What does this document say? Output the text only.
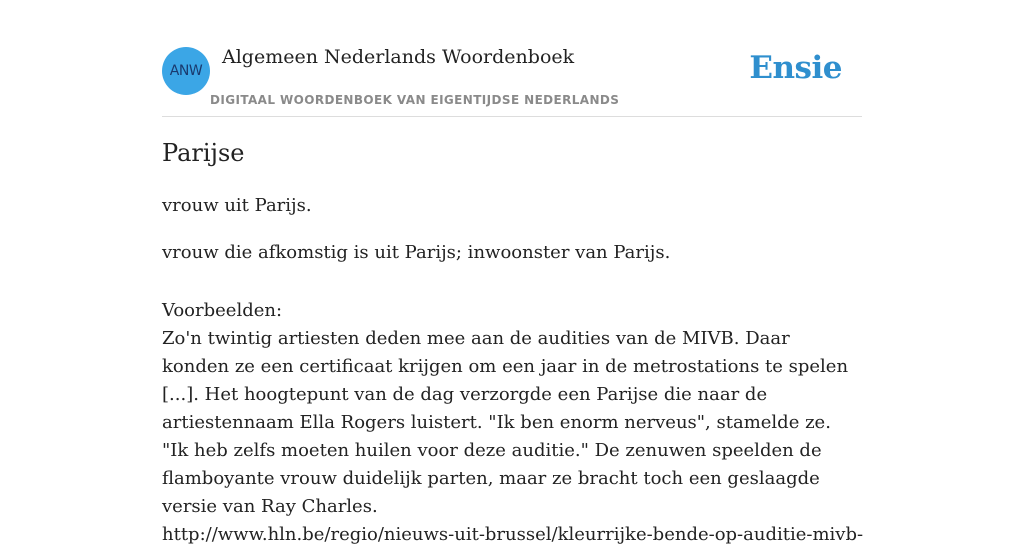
ANW
Algemeen Nederlands Woordenboek
DIGITAAL WOORDENBOEK VAN EIGENTIJDSE NEDERLANDS
Ensie
Parijse

vrouw uit Parijs.

vrouw die afkomstig is uit Parijs; inwoonster van Parijs.

Voorbeelden:

Zo'n twintig artiesten deden mee aan de audities van de MIVB. Daar konden ze een certificaat krijgen om een jaar in de metrostations te spelen [...]. Het hoogtepunt van de dag verzorgde een Parijse die naar de artiestennaam Ella Rogers luistert. "Ik ben enorm nerveus", stamelde ze. "Ik heb zelfs moeten huilen voor deze auditie." De zenuwen speelden de flamboyante vrouw duidelijk parten, maar ze bracht toch een geslaagde versie van Ray Charles.

http://www.hln.be/regio/nieuws-uit-brussel/kleurrijke-bende-op-auditie-mivb-
